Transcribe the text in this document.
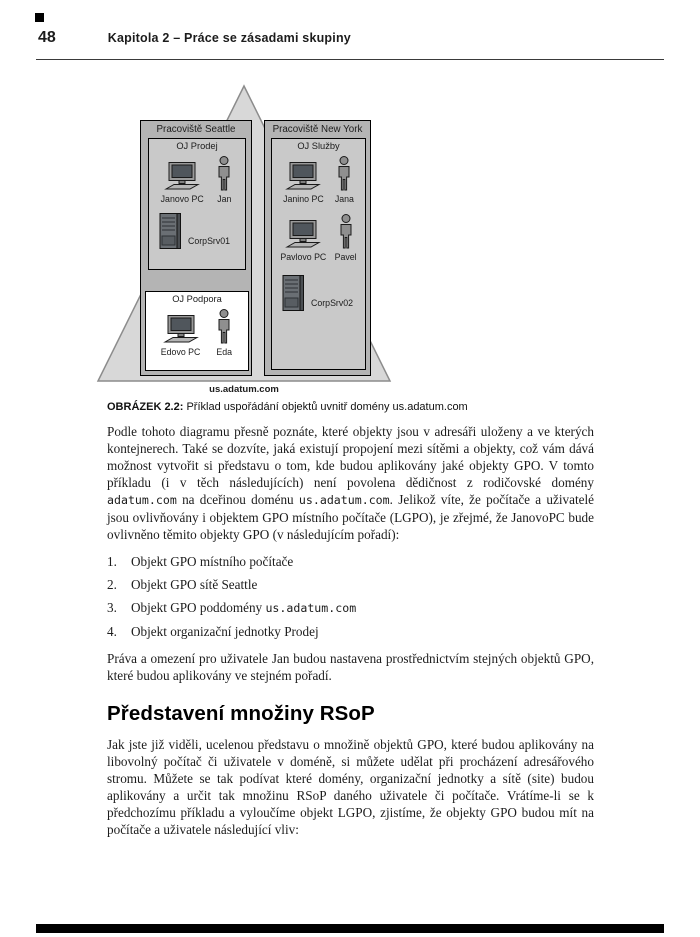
48	Kapitola 2 – Práce se zásadami skupiny
Pracoviště Seattle
OJ Prodej
Janovo PC Jan
CorpSrv01
OJ Podpora
Edovo PC Eda
Pracoviště New York
OJ Služby
Janino PC Jana
Pavlovo PC Pavel
CorpSrv02
us.adatum.com
OBRÁZEK 2.2: Příklad uspořádání objektů uvnitř domény us.adatum.com

Podle tohoto diagramu přesně poznáte, které objekty jsou v adresáři uloženy a ve kterých kontejnerech. Také se dozvíte, jaká existují propojení mezi sítěmi a objekty, což vám dává možnost vytvořit si představu o tom, kde budou aplikovány jaké objekty GPO. V tomto příkladu (i v těch následujících) není povolena dědičnost z rodičovské domény adatum.com na dceřinou doménu us.adatum.com. Jelikož víte, že počítače a uživatelé jsou ovlivňovány i objektem GPO místního počítače (LGPO), je zřejmé, že JanovoPC bude ovlivněno těmito objekty GPO (v následujícím pořadí):

1.	Objekt GPO místního počítače
2.	Objekt GPO sítě Seattle
3.	Objekt GPO poddomény us.adatum.com
4.	Objekt organizační jednotky Prodej

Práva a omezení pro uživatele Jan budou nastavena prostřednictvím stejných objektů GPO, které budou aplikovány ve stejném pořadí.

Představení množiny RSoP

Jak jste již viděli, ucelenou představu o množině objektů GPO, které budou aplikovány na libovolný počítač či uživatele v doméně, si můžete udělat při procházení adresářového stromu. Můžete se tak podívat které domény, organizační jednotky a sítě (site) budou aplikovány a určit tak množinu RSoP daného uživatele či počítače. Vrátíme-li se k předchozímu příkladu a vyloučíme objekt LGPO, zjistíme, že objekty GPO budou mít na počítače a uživatele následující vliv:
